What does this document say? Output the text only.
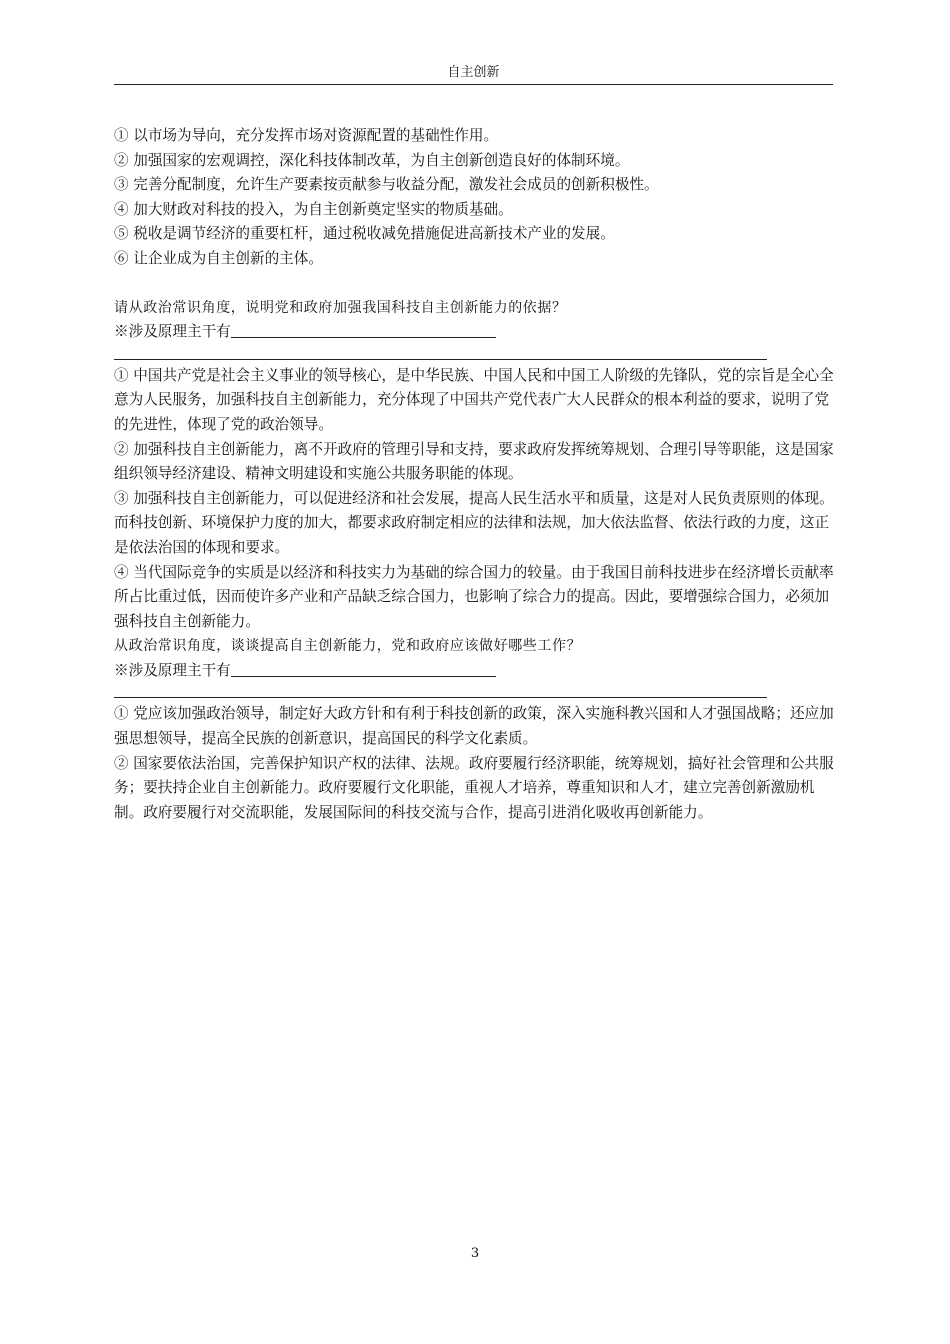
自主创新

① 以市场为导向，充分发挥市场对资源配置的基础性作用。

② 加强国家的宏观调控，深化科技体制改革，为自主创新创造良好的体制环境。

③ 完善分配制度，允许生产要素按贡献参与收益分配，激发社会成员的创新积极性。

④ 加大财政对科技的投入，为自主创新奠定坚实的物质基础。

⑤ 税收是调节经济的重要杠杆，通过税收减免措施促进高新技术产业的发展。

⑥ 让企业成为自主创新的主体。

请从政治常识角度，说明党和政府加强我国科技自主创新能力的依据？

※涉及原理主干有

① 中国共产党是社会主义事业的领导核心，是中华民族、中国人民和中国工人阶级的先锋队，党的宗旨是全心全意为人民服务，加强科技自主创新能力，充分体现了中国共产党代表广大人民群众的根本利益的要求，说明了党的先进性，体现了党的政治领导。

② 加强科技自主创新能力，离不开政府的管理引导和支持，要求政府发挥统筹规划、合理引导等职能，这是国家组织领导经济建设、精神文明建设和实施公共服务职能的体现。

③ 加强科技自主创新能力，可以促进经济和社会发展，提高人民生活水平和质量，这是对人民负责原则的体现。而科技创新、环境保护力度的加大，都要求政府制定相应的法律和法规，加大依法监督、依法行政的力度，这正是依法治国的体现和要求。

④ 当代国际竞争的实质是以经济和科技实力为基础的综合国力的较量。由于我国目前科技进步在经济增长贡献率所占比重过低，因而使许多产业和产品缺乏综合国力，也影响了综合力的提高。因此，要增强综合国力，必须加强科技自主创新能力。

从政治常识角度，谈谈提高自主创新能力，党和政府应该做好哪些工作？

※涉及原理主干有

① 党应该加强政治领导，制定好大政方针和有利于科技创新的政策，深入实施科教兴国和人才强国战略；还应加强思想领导，提高全民族的创新意识，提高国民的科学文化素质。

② 国家要依法治国，完善保护知识产权的法律、法规。政府要履行经济职能，统筹规划，搞好社会管理和公共服务；要扶持企业自主创新能力。政府要履行文化职能，重视人才培养，尊重知识和人才，建立完善创新激励机制。政府要履行对交流职能，发展国际间的科技交流与合作，提高引进消化吸收再创新能力。

3
